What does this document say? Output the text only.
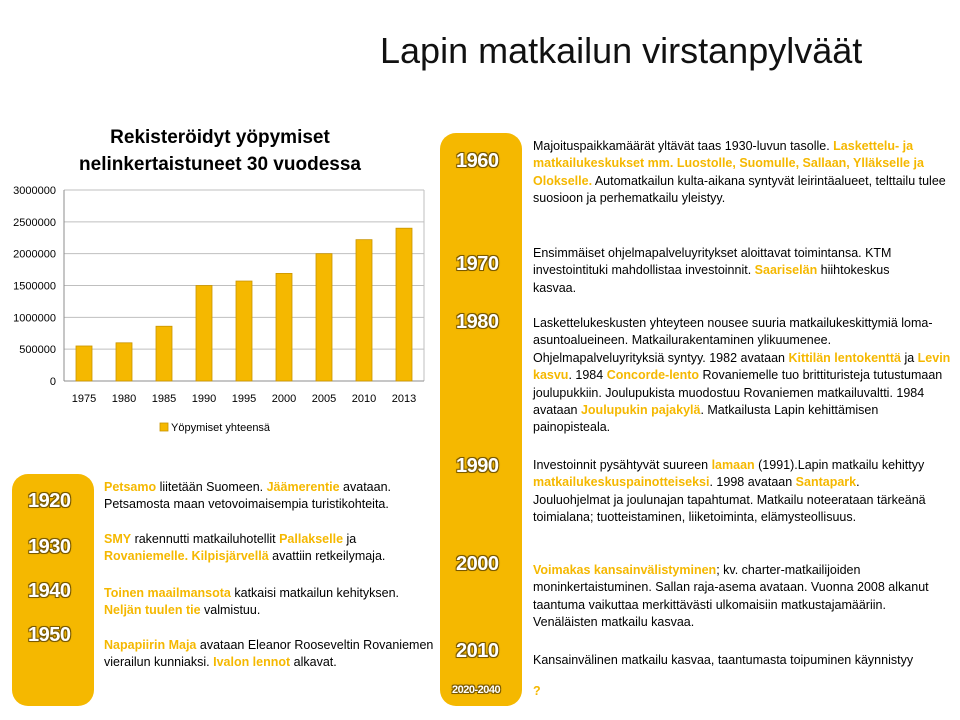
Lapin matkailun virstanpylväät
Rekisteröidyt yöpymiset
nelinkertaistuneet 30 vuodessa
0
500000
1000000
1500000
2000000
2500000
3000000
1975 1980 1985 1990 1995 2000 2005 2010 2013
Yöpymiset yhteensä
1920
1930
1940
1950
Petsamo liitetään Suomeen. Jäämerentie avataan. Petsamosta maan vetovoimaisempia turistikohteita.
SMY rakennutti matkailuhotellit Pallakselle ja Rovaniemelle. Kilpisjärvellä avattiin retkeilymaja.
Toinen maailmansota katkaisi matkailun kehityksen. Neljän tuulen tie valmistuu.
Napapiirin Maja avataan Eleanor Rooseveltin Rovaniemen vierailun kunniaksi. Ivalon lennot alkavat.
1960
1970
1980
1990
2000
2010
2020-2040
Majoituspaikkamäärät yltävät taas 1930-luvun tasolle. Laskettelu- ja matkailukeskukset mm. Luostolle, Suomulle, Sallaan, Ylläkselle ja Olokselle. Automatkailun kulta-aikana syntyvät leirintäalueet, telttailu tulee suosioon ja perhematkailu yleistyy.
Ensimmäiset ohjelmapalveluyritykset aloittavat toimintansa. KTM investointituki mahdollistaa investoinnit. Saariselän hiihtokeskus kasvaa.
Laskettelukeskusten yhteyteen nousee suuria matkailukeskittymiä loma-asuntoalueineen. Matkailurakentaminen ylikuumenee. Ohjelmapalveluyrityksiä syntyy. 1982 avataan Kittilän lentokenttä ja Levin kasvu. 1984 Concorde-lento Rovaniemelle tuo brittituristeja tutustumaan joulupukkiin. Joulupukista muodostuu Rovaniemen matkailuvaltti. 1984 avataan Joulupukin pajakylä. Matkailusta Lapin kehittämisen painopisteala.
Investoinnit pysähtyvät suureen lamaan (1991).Lapin matkailu kehittyy matkailukeskuspainotteiseksi. 1998 avataan Santapark. Jouluohjelmat ja joulunajan tapahtumat. Matkailu noteerataan tärkeänä toimialana; tuotteistaminen, liiketoiminta, elämysteollisuus.
Voimakas kansainvälistyminen; kv. charter-matkailijoiden moninkertaistuminen. Sallan raja-asema avataan. Vuonna 2008 alkanut taantuma vaikuttaa merkittävästi ulkomaisiin matkustajamääriin. Venäläisten matkailu kasvaa.
Kansainvälinen matkailu kasvaa, taantumasta toipuminen käynnistyy
?
